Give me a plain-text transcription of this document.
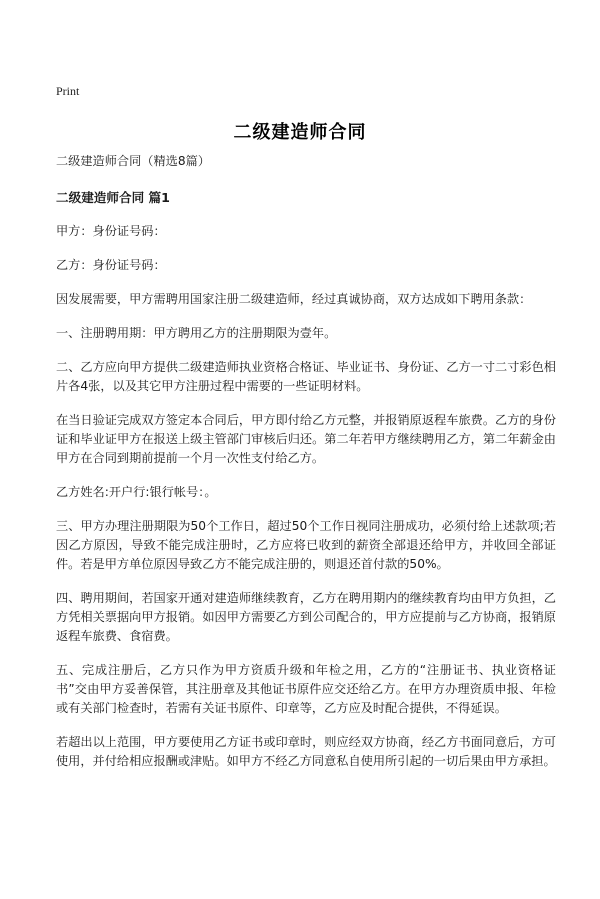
Print
二级建造师合同

二级建造师合同（精选8篇）

二级建造师合同 篇1

甲方：身份证号码：

乙方：身份证号码：

因发展需要，甲方需聘用国家注册二级建造师，经过真诚协商，双方达成如下聘用条款：

一、注册聘用期：甲方聘用乙方的注册期限为壹年。

二、乙方应向甲方提供二级建造师执业资格合格证、毕业证书、身份证、乙方一寸二寸彩色相片各4张，以及其它甲方注册过程中需要的一些证明材料。

在当日验证完成双方签定本合同后，甲方即付给乙方元整，并报销原返程车旅费。乙方的身份证和毕业证甲方在报送上级主管部门审核后归还。第二年若甲方继续聘用乙方，第二年薪金由甲方在合同到期前提前一个月一次性支付给乙方。

乙方姓名:开户行:银行帐号：。

三、甲方办理注册期限为50个工作日，超过50个工作日视同注册成功，必须付给上述款项;若因乙方原因，导致不能完成注册时，乙方应将已收到的薪资全部退还给甲方，并收回全部证件。若是甲方单位原因导致乙方不能完成注册的，则退还首付款的50%。

四、聘用期间，若国家开通对建造师继续教育，乙方在聘用期内的继续教育均由甲方负担，乙方凭相关票据向甲方报销。如因甲方需要乙方到公司配合的，甲方应提前与乙方协商，报销原返程车旅费、食宿费。

五、完成注册后，乙方只作为甲方资质升级和年检之用，乙方的“注册证书、执业资格证书”交由甲方妥善保管，其注册章及其他证书原件应交还给乙方。在甲方办理资质申报、年检或有关部门检查时，若需有关证书原件、印章等，乙方应及时配合提供，不得延误。

若超出以上范围，甲方要使用乙方证书或印章时，则应经双方协商，经乙方书面同意后，方可使用，并付给相应报酬或津贴。如甲方不经乙方同意私自使用所引起的一切后果由甲方承担。
